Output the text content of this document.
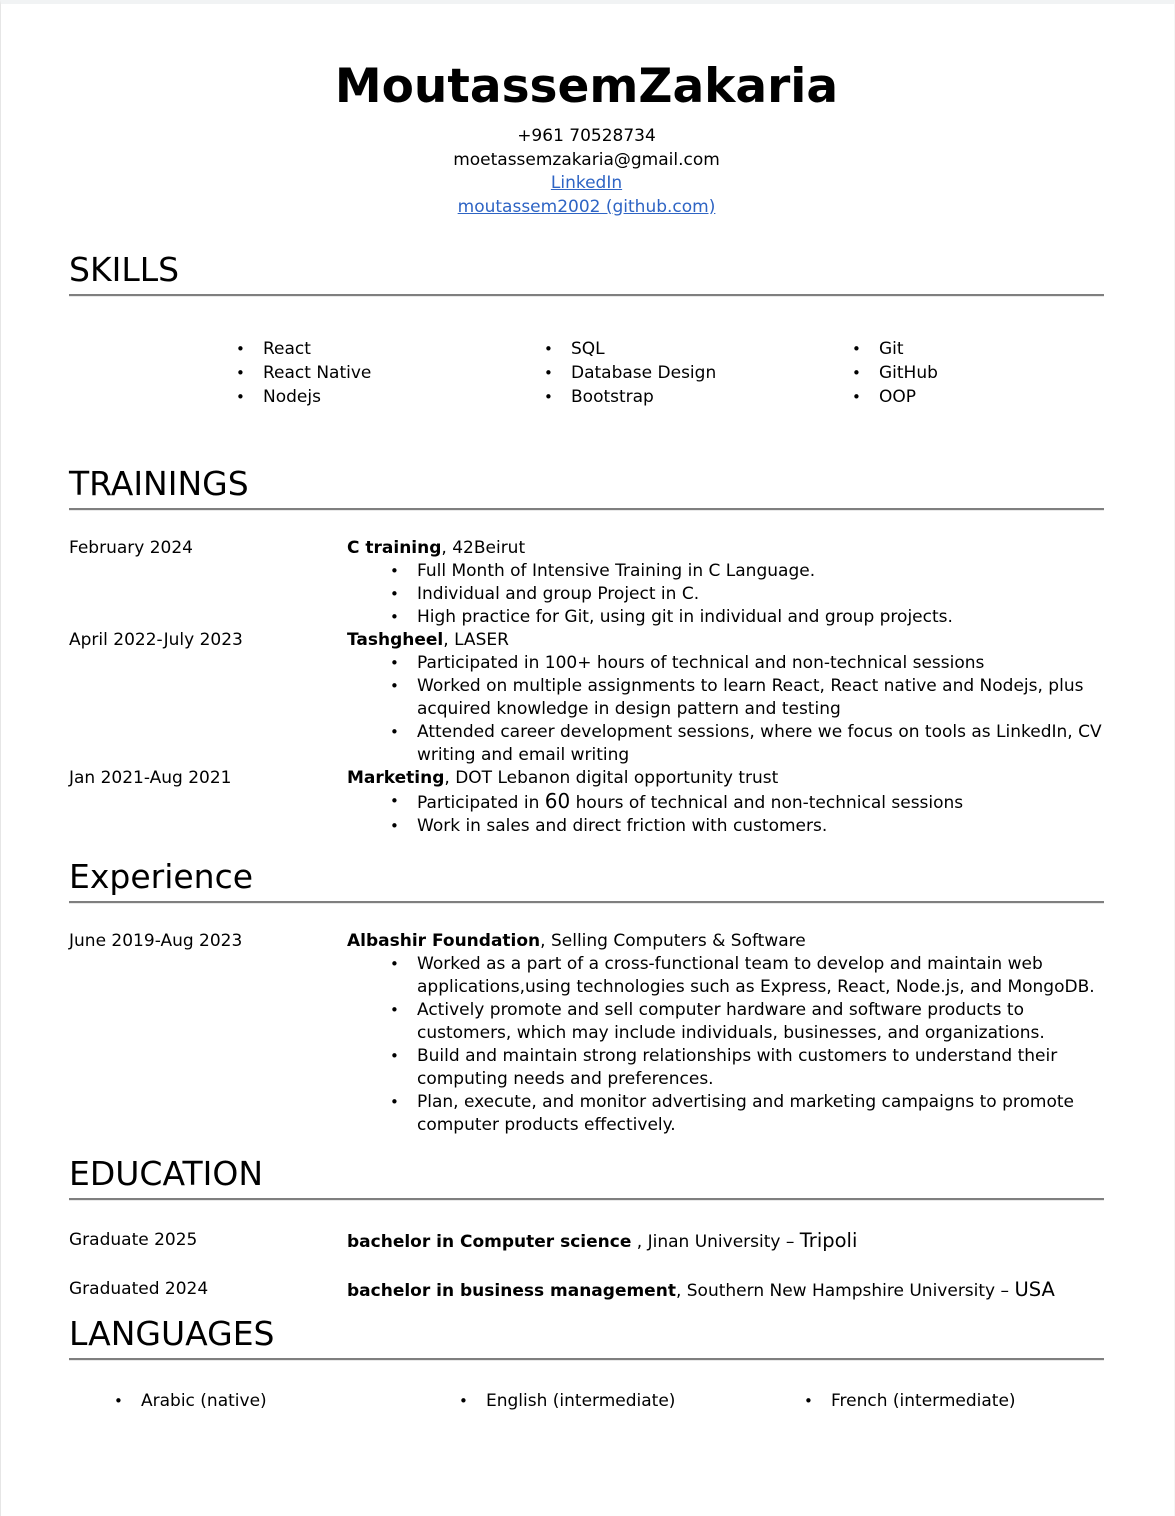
MoutassemZakaria
+961 70528734
moetassemzakaria@gmail.com
LinkedIn
moutassem2002 (github.com)
SKILLS
• React
• React Native
• Nodejs
• SQL
• Database Design
• Bootstrap
• Git
• GitHub
• OOP
TRAININGS
February 2024	C training, 42Beirut
• Full Month of Intensive Training in C Language.
• Individual and group Project in C.
• High practice for Git, using git in individual and group projects.
April 2022-July 2023	Tashgheel, LASER
• Participated in 100+ hours of technical and non-technical sessions
• Worked on multiple assignments to learn React, React native and Nodejs, plus acquired knowledge in design pattern and testing
• Attended career development sessions, where we focus on tools as LinkedIn, CV writing and email writing
Jan 2021-Aug 2021	Marketing, DOT Lebanon digital opportunity trust
• Participated in 60 hours of technical and non-technical sessions
• Work in sales and direct friction with customers.
Experience
June 2019-Aug 2023	Albashir Foundation, Selling Computers & Software
• Worked as a part of a cross-functional team to develop and maintain web applications,using technologies such as Express, React, Node.js, and MongoDB.
• Actively promote and sell computer hardware and software products to customers, which may include individuals, businesses, and organizations.
• Build and maintain strong relationships with customers to understand their computing needs and preferences.
• Plan, execute, and monitor advertising and marketing campaigns to promote computer products effectively.
EDUCATION
Graduate 2025	bachelor in Computer science , Jinan University – Tripoli
Graduated 2024	bachelor in business management, Southern New Hampshire University – USA
LANGUAGES
• Arabic (native)	• English (intermediate)	• French (intermediate)
